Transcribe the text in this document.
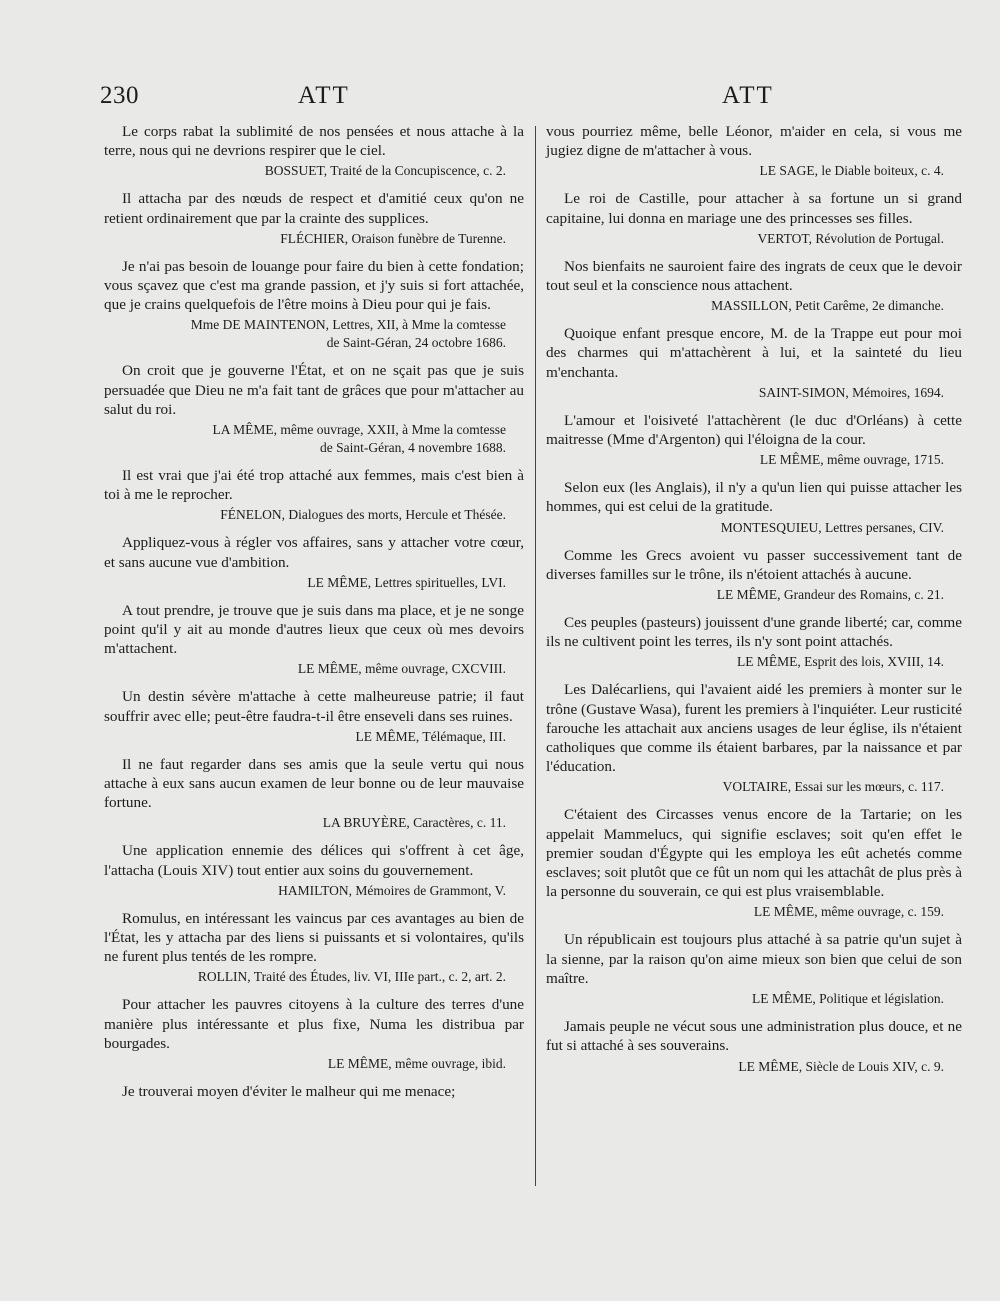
230	ATT	ATT

Le corps rabat la sublimité de nos pensées et nous attache à la terre, nous qui ne devrions respirer que le ciel.

BOSSUET, Traité de la Concupiscence, c. 2.

Il attacha par des nœuds de respect et d'amitié ceux qu'on ne retient ordinairement que par la crainte des supplices.

FLÉCHIER, Oraison funèbre de Turenne.

Je n'ai pas besoin de louange pour faire du bien à cette fondation; vous sçavez que c'est ma grande passion, et j'y suis si fort attachée, que je crains quelquefois de l'être moins à Dieu pour qui je fais.

Mme DE MAINTENON, Lettres, XII, à Mme la comtesse
de Saint-Géran, 24 octobre 1686.

On croit que je gouverne l'État, et on ne sçait pas que je suis persuadée que Dieu ne m'a fait tant de grâces que pour m'attacher au salut du roi.

LA MÊME, même ouvrage, XXII, à Mme la comtesse
de Saint-Géran, 4 novembre 1688.

Il est vrai que j'ai été trop attaché aux femmes, mais c'est bien à toi à me le reprocher.

FÉNELON, Dialogues des morts, Hercule et Thésée.

Appliquez-vous à régler vos affaires, sans y attacher votre cœur, et sans aucune vue d'ambition.

LE MÊME, Lettres spirituelles, LVI.

A tout prendre, je trouve que je suis dans ma place, et je ne songe point qu'il y ait au monde d'autres lieux que ceux où mes devoirs m'attachent.

LE MÊME, même ouvrage, CXCVIII.

Un destin sévère m'attache à cette malheureuse patrie; il faut souffrir avec elle; peut-être faudra-t-il être enseveli dans ses ruines.

LE MÊME, Télémaque, III.

Il ne faut regarder dans ses amis que la seule vertu qui nous attache à eux sans aucun examen de leur bonne ou de leur mauvaise fortune.

LA BRUYÈRE, Caractères, c. 11.

Une application ennemie des délices qui s'offrent à cet âge, l'attacha (Louis XIV) tout entier aux soins du gouvernement.

HAMILTON, Mémoires de Grammont, V.

Romulus, en intéressant les vaincus par ces avantages au bien de l'État, les y attacha par des liens si puissants et si volontaires, qu'ils ne furent plus tentés de les rompre.

ROLLIN, Traité des Études, liv. VI, IIIe part., c. 2, art. 2.

Pour attacher les pauvres citoyens à la culture des terres d'une manière plus intéressante et plus fixe, Numa les distribua par bourgades.

LE MÊME, même ouvrage, ibid.

Je trouverai moyen d'éviter le malheur qui me menace;

vous pourriez même, belle Léonor, m'aider en cela, si vous me jugiez digne de m'attacher à vous.

LE SAGE, le Diable boiteux, c. 4.

Le roi de Castille, pour attacher à sa fortune un si grand capitaine, lui donna en mariage une des princesses ses filles.

VERTOT, Révolution de Portugal.

Nos bienfaits ne sauroient faire des ingrats de ceux que le devoir tout seul et la conscience nous attachent.

MASSILLON, Petit Carême, 2e dimanche.

Quoique enfant presque encore, M. de la Trappe eut pour moi des charmes qui m'attachèrent à lui, et la sainteté du lieu m'enchanta.

SAINT-SIMON, Mémoires, 1694.

L'amour et l'oisiveté l'attachèrent (le duc d'Orléans) à cette maitresse (Mme d'Argenton) qui l'éloigna de la cour.

LE MÊME, même ouvrage, 1715.

Selon eux (les Anglais), il n'y a qu'un lien qui puisse attacher les hommes, qui est celui de la gratitude.

MONTESQUIEU, Lettres persanes, CIV.

Comme les Grecs avoient vu passer successivement tant de diverses familles sur le trône, ils n'étoient attachés à aucune.

LE MÊME, Grandeur des Romains, c. 21.

Ces peuples (pasteurs) jouissent d'une grande liberté; car, comme ils ne cultivent point les terres, ils n'y sont point attachés.

LE MÊME, Esprit des lois, XVIII, 14.

Les Dalécarliens, qui l'avaient aidé les premiers à monter sur le trône (Gustave Wasa), furent les premiers à l'inquiéter. Leur rusticité farouche les attachait aux anciens usages de leur église, ils n'étaient catholiques que comme ils étaient barbares, par la naissance et par l'éducation.

VOLTAIRE, Essai sur les mœurs, c. 117.

C'étaient des Circasses venus encore de la Tartarie; on les appelait Mammelucs, qui signifie esclaves; soit qu'en effet le premier soudan d'Égypte qui les employa les eût achetés comme esclaves; soit plutôt que ce fût un nom qui les attachât de plus près à la personne du souverain, ce qui est plus vraisemblable.

LE MÊME, même ouvrage, c. 159.

Un républicain est toujours plus attaché à sa patrie qu'un sujet à la sienne, par la raison qu'on aime mieux son bien que celui de son maître.

LE MÊME, Politique et législation.

Jamais peuple ne vécut sous une administration plus douce, et ne fut si attaché à ses souverains.

LE MÊME, Siècle de Louis XIV, c. 9.
